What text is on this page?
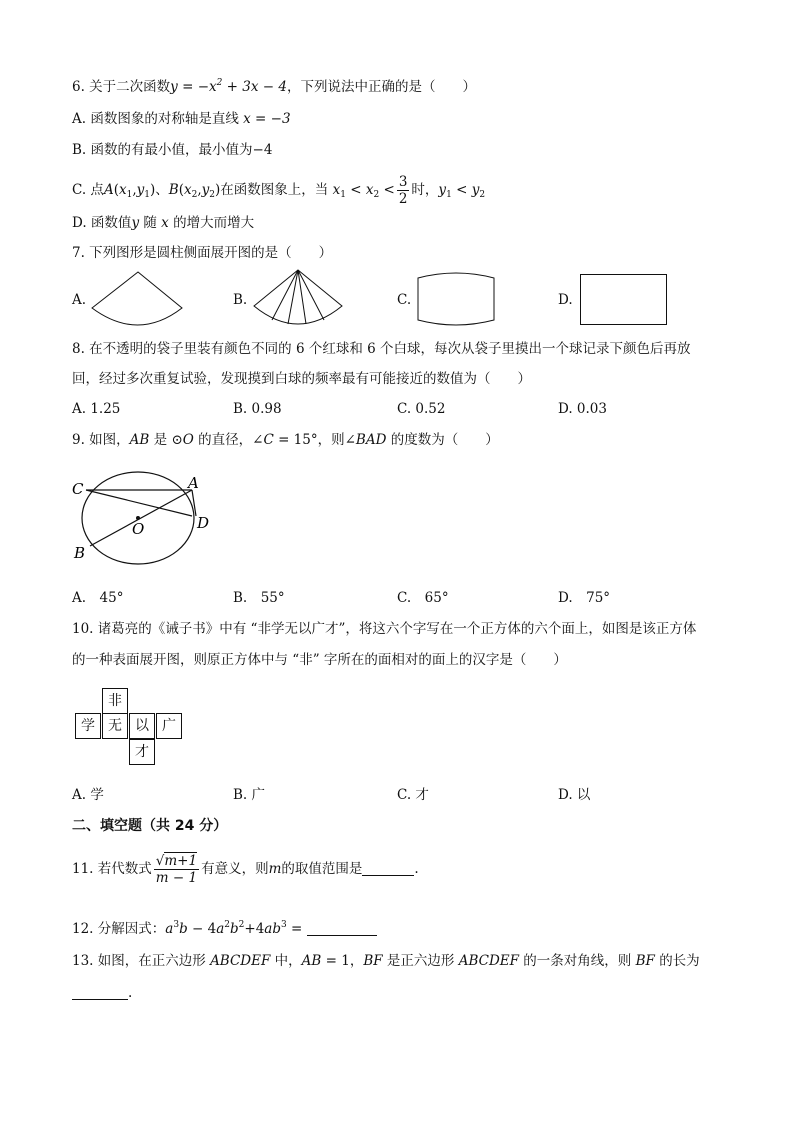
6. 关于二次函数$y = -x^2 + 3x - 4$，下列说法中正确的是（　　）
A. 函数图象的对称轴是直线 x = −3
B. 函数的有最小值，最小值为−4
C. 点$A(x_1,y_1)$、$B(x_2,y_2)$在函数图象上，当 $x_1 < x_2 < \frac{3}{2}$ 时，$y_1 < y_2$
D. 函数值y 随 x 的增大而增大
7. 下列图形是圆柱侧面展开图的是（　　）
A.	B.	C.	D.
8. 在不透明的袋子里装有颜色不同的 6 个红球和 6 个白球，每次从袋子里摸出一个球记录下颜色后再放
回，经过多次重复试验，发现摸到白球的频率最有可能接近的数值为（　　）
A. 1.25	B. 0.98	C. 0.52	D. 0.03
9. 如图，AB 是 ⊙O 的直径，∠C = 15°，则∠BAD 的度数为（　　）
C	A
D
O
B
A.　45°	B.　55°	C.　65°	D.　75°
10. 诸葛亮的《诫子书》中有 “非学无以广才”，将这六个字写在一个正方体的六个面上，如图是该正方体
的一种表面展开图，则原正方体中与 “非” 字所在的面相对的面上的汉字是（　　）
非
学 无 以 广
才
A. 学	B. 广	C. 才	D. 以
二、填空题（共 24 分）
11. 若代数式 $\frac{√m+1}{m - 1}$ 有意义，则m的取值范围是	.
12. 分解因式：$a^3b - 4a^2b^2+4ab^3$ =
13. 如图，在正六边形 ABCDEF 中，AB = 1，BF 是正六边形 ABCDEF 的一条对角线，则 BF 的长为
.
